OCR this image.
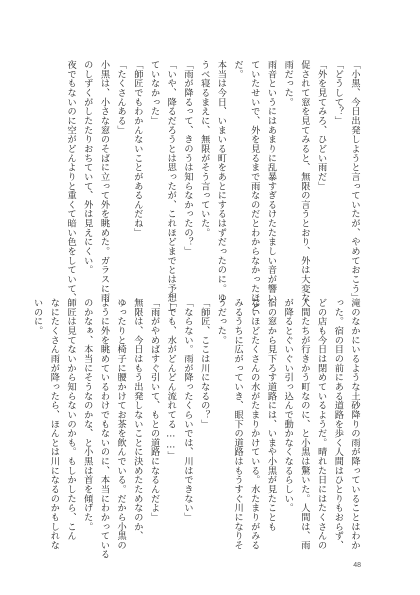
「小黒、今日出発しようと言っていたが、やめておこう」
「どうして？」
「外を見てみろ、ひどい雨だ」
促されて窓を見てみると、無限の言うとおり、外は大変な
雨だった。
雨音というにはあまりに乱暴すぎるけたたましい音が響い
ていたせいで、外を見るまで雨なのだとわからなかったほど
だ。
本当は今日、いまいる町をあとにするはずだったのに。ゆ
うべ寝るまえに、無限がそう言っていた。
「雨が降るって、きのうは知らなかったの？」
「いや、降るだろうとは思ったが、これほどまでとは予想し
ていなかった」
「師匠でもわかんないことがあるんだね」
「たくさんある」
小黒は、小さな窓のそばに立って外を眺めた。ガラスに雨
のしずくがしたたりおちていて、外は見えにくい。
夜でもないのに空がどんよりと重くて暗い色をしていて、
滝のなかにいるような土砂降りの雨が降っていることはわか
った。宿の目の前にある道路を歩く人間はひとりもおらず、
どの店も今日は閉めているようだ。晴れた日にはたくさんの
人間たちが行きかう町なのに、と小黒は驚いた。人間は、雨
が降るとぐいぐい引っ込んで動かなくなるらしい。
宿の窓から見下ろす道路には、いまや小黒が見たことも
ないほどたくさんの水がたまりかけている。水たまりがみる
みるうちに広がっていき、眼下の道路はもうすぐ川になりそ
うだった。
「師匠、ここは川になるの？」
「ならない。雨が降ったくらいでは、川はできない」
「でも、水がどんどん流れてる……」
「雨がやめばすぐ引いて、もとの道路になるんだよ」
無限は、今日はもう出発しないことに決めたためなのか、
ゆったりと椅子に腰かけてお茶を飲んでいる。だから小黒の
ように外を眺めているわけでもないのに、本当にわかっている
のかなぁ、本当にそうなのかな、と小黒は首を傾げた。
師匠は見てないから知らないのかも。もしかしたら、こん
なにたくさん雨が降ったら、ほんとは川になるのかもしれな
いのに。
48
